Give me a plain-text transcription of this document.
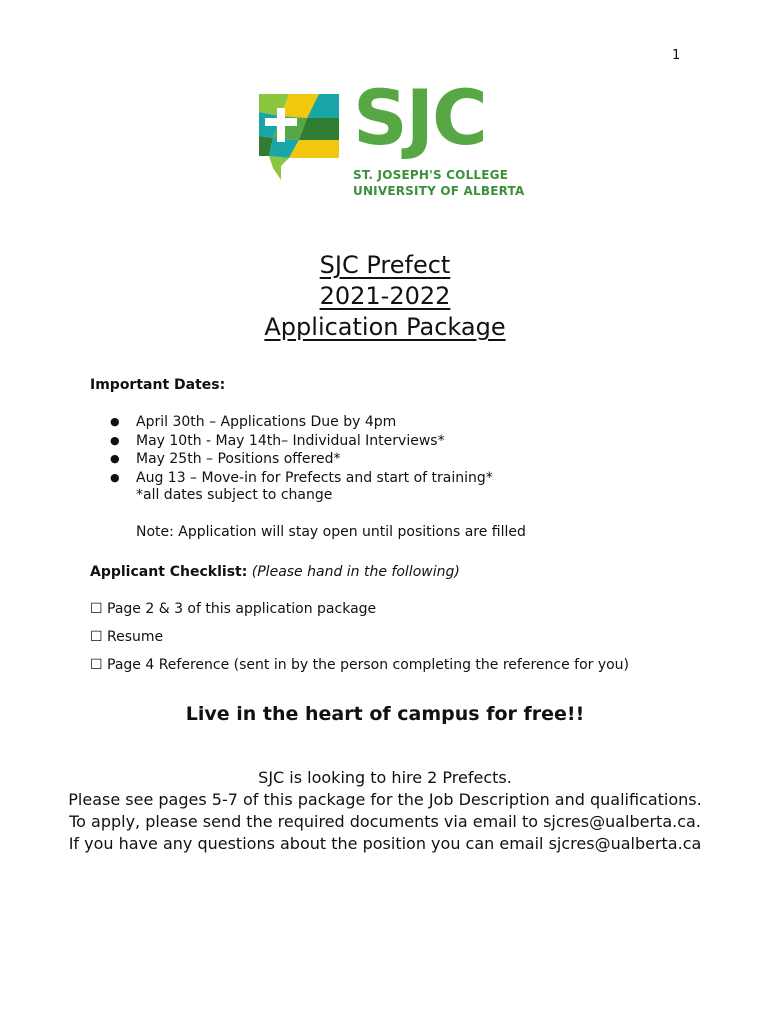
1
SJC
ST. JOSEPH'S COLLEGE
UNIVERSITY OF ALBERTA
SJC Prefect
2021-2022
Application Package
Important Dates:
● April 30th – Applications Due by 4pm
● May 10th - May 14th– Individual Interviews*
● May 25th – Positions offered*
● Aug 13 – Move-in for Prefects and start of training*
*all dates subject to change
Note: Application will stay open until positions are filled
Applicant Checklist: (Please hand in the following)
☐ Page 2 & 3 of this application package
☐ Resume
☐ Page 4 Reference (sent in by the person completing the reference for you)
Live in the heart of campus for free!!
SJC is looking to hire 2 Prefects.
Please see pages 5-7 of this package for the Job Description and qualifications.
To apply, please send the required documents via email to sjcres@ualberta.ca.
If you have any questions about the position you can email sjcres@ualberta.ca
